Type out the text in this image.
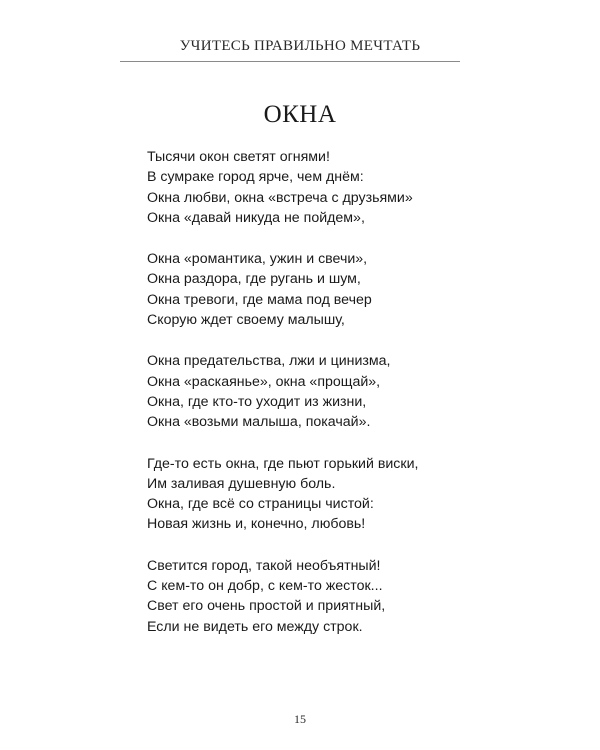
УЧИТЕСЬ ПРАВИЛЬНО МЕЧТАТЬ
ОКНА
Тысячи окон светят огнями!
В сумраке город ярче, чем днём:
Окна любви, окна «встреча с друзьями»
Окна «давай никуда не пойдем»,
Окна «романтика, ужин и свечи»,
Окна раздора, где ругань и шум,
Окна тревоги, где мама под вечер
Скорую ждет своему малышу,
Окна предательства, лжи и цинизма,
Окна «раскаянье», окна «прощай»,
Окна, где кто-то уходит из жизни,
Окна «возьми малыша, покачай».
Где-то есть окна, где пьют горький виски,
Им заливая душевную боль.
Окна, где всё со страницы чистой:
Новая жизнь и, конечно, любовь!
Светится город, такой необъятный!
С кем-то он добр, с кем-то жесток...
Свет его очень простой и приятный,
Если не видеть его между строк.
15
